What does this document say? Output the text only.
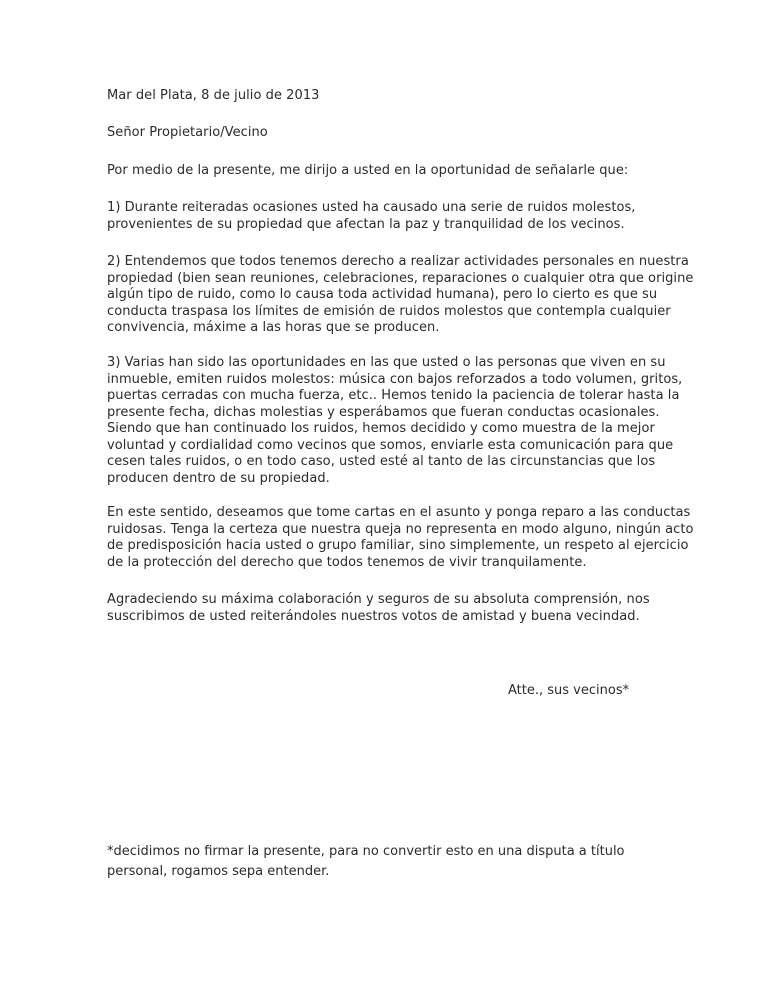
Mar del Plata, 8 de julio de 2013
Señor Propietario/Vecino
Por medio de la presente, me dirijo a usted en la oportunidad de señalarle que:
1) Durante reiteradas ocasiones usted ha causado una serie de ruidos molestos,
provenientes de su propiedad que afectan la paz y tranquilidad de los vecinos.
2) Entendemos que todos tenemos derecho a realizar actividades personales en nuestra
propiedad (bien sean reuniones, celebraciones, reparaciones o cualquier otra que origine
algún tipo de ruido, como lo causa toda actividad humana), pero lo cierto es que su
conducta traspasa los límites de emisión de ruidos molestos que contempla cualquier
convivencia, máxime a las horas que se producen.
3) Varias han sido las oportunidades en las que usted o las personas que viven en su
inmueble, emiten ruidos molestos: música con bajos reforzados a todo volumen, gritos,
puertas cerradas con mucha fuerza, etc.. Hemos tenido la paciencia de tolerar hasta la
presente fecha, dichas molestias y esperábamos que fueran conductas ocasionales.
Siendo que han continuado los ruidos, hemos decidido y como muestra de la mejor
voluntad y cordialidad como vecinos que somos, enviarle esta comunicación para que
cesen tales ruidos, o en todo caso, usted esté al tanto de las circunstancias que los
producen dentro de su propiedad.
En este sentido, deseamos que tome cartas en el asunto y ponga reparo a las conductas
ruidosas. Tenga la certeza que nuestra queja no representa en modo alguno, ningún acto
de predisposición hacia usted o grupo familiar, sino simplemente, un respeto al ejercicio
de la protección del derecho que todos tenemos de vivir tranquilamente.
Agradeciendo su máxima colaboración y seguros de su absoluta comprensión, nos
suscribimos de usted reiterándoles nuestros votos de amistad y buena vecindad.
Atte., sus vecinos*
*decidimos no firmar la presente, para no convertir esto en una disputa a título
personal, rogamos sepa entender.
